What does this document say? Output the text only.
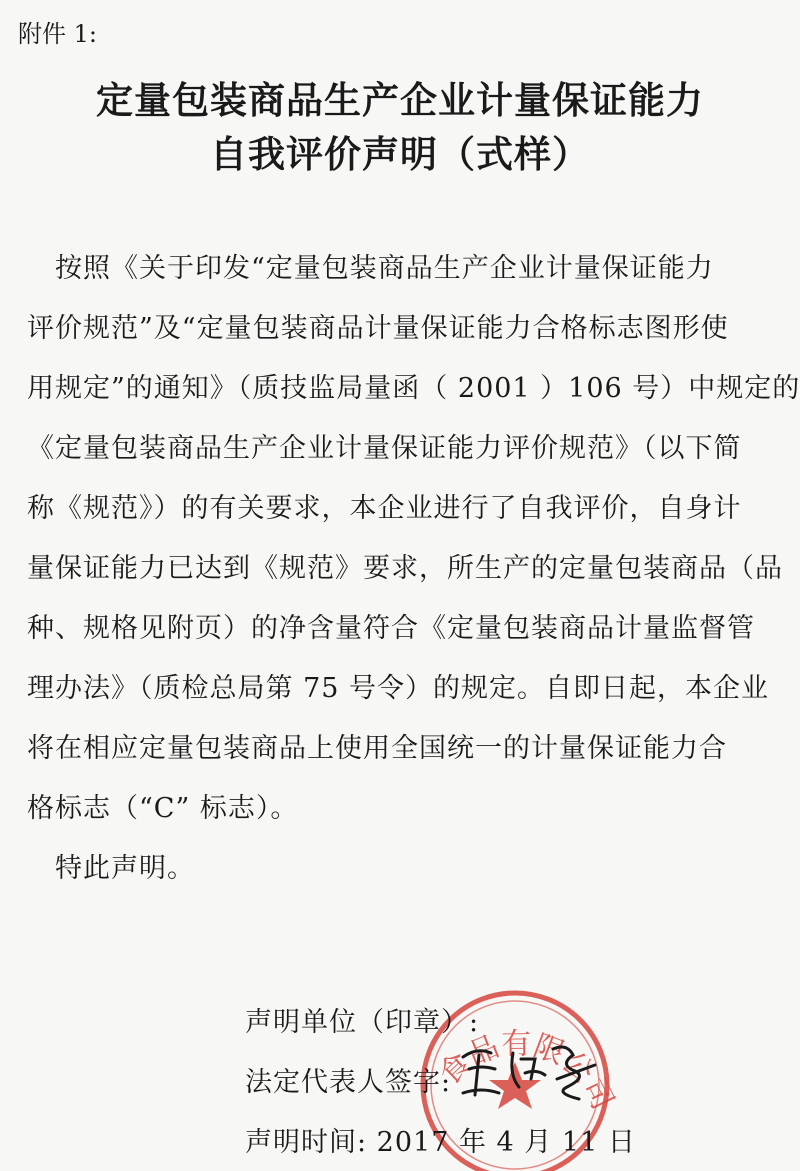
附件 1:
定量包装商品生产企业计量保证能力
自我评价声明（式样）
　按照《关于印发“定量包装商品生产企业计量保证能力
评价规范”及“定量包装商品计量保证能力合格标志图形使
用规定”的通知》（质技监局量函（ 2001 ）106 号）中规定的
《定量包装商品生产企业计量保证能力评价规范》（以下简
称《规范》）的有关要求，本企业进行了自我评价，自身计
量保证能力已达到《规范》要求，所生产的定量包装商品（品
种、规格见附页）的净含量符合《定量包装商品计量监督管
理办法》（质检总局第 75 号令）的规定。自即日起，本企业
将在相应定量包装商品上使用全国统一的计量保证能力合
格标志（“C” 标志）。
　特此声明。
食品有限公司
声明单位（印章）:
法定代表人签字:
声明时间: 2017 年 4 月 11 日
